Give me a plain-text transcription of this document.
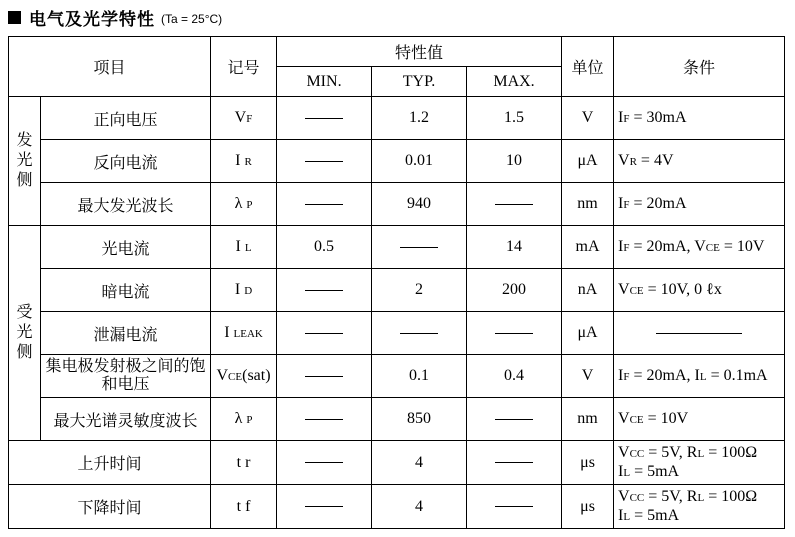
电气及光学特性 (Ta = 25°C)
项目		记号	特性值			单位	条件
			MIN.	TYP.	MAX.		
发光侧	正向电压	VF		1.2	1.5	V	IF = 30mA

	反向电流	I R		0.01	10	μA	VR = 4V

	最大发光波长	λ P		940		nm	IF = 20mA

受光侧	光电流	I L	0.5		14	mA	IF = 20mA, VCE = 10V

	暗电流	I D		2	200	nA	VCE = 10V, 0 ℓx

	泄漏电流	I LEAK				μA	
	集电极发射极之间的饱和电压	VCE(sat)		0.1	0.4	V	IF = 20mA, IL = 0.1mA

	最大光谱灵敏度波长	λ P		850		nm	VCE = 10V

上升时间		t r		4		μs	VCC = 5V, RL = 100Ω
IL = 5mA

下降时间		t f		4		μs	VCC = 5V, RL = 100Ω
IL = 5mA
